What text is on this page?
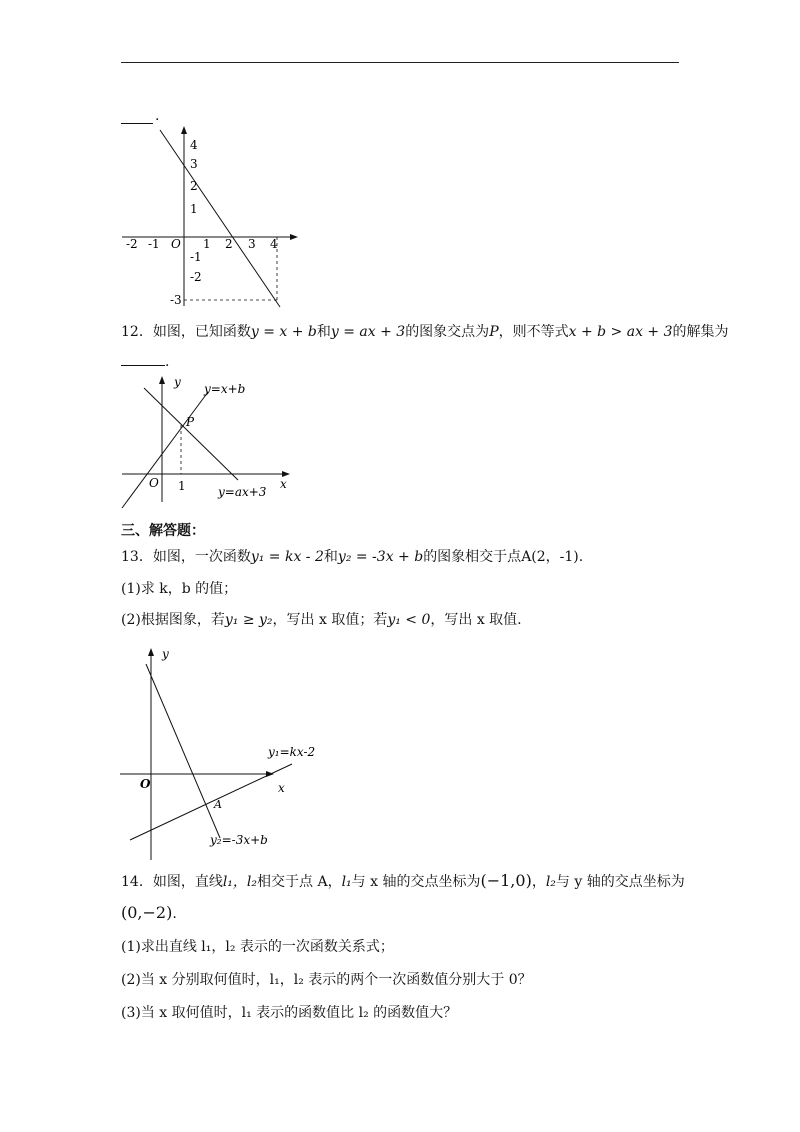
.
-2 -1 O 1 2 3 4
4
3
2
1
-1
-2
-3
12．如图，已知函数y = x + b和y = ax + 3的图象交点为P，则不等式x + b > ax + 3的解集为
.
y
x
O 1
P
y=x+b
y=ax+3
三、解答题：
13．如图，一次函数y₁ = kx - 2和y₂ = -3x + b的图象相交于点A(2，-1).
(1)求 k，b 的值；
(2)根据图象，若y₁ ≥ y₂，写出 x 取值；若y₁ < 0，写出 x 取值.
y
x
O
A
y₁=kx-2
y₂=-3x+b
14．如图，直线l₁，l₂相交于点 A，l₁与 x 轴的交点坐标为(−1,0)，l₂与 y 轴的交点坐标为
(0,−2).
(1)求出直线 l₁，l₂ 表示的一次函数关系式；
(2)当 x 分别取何值时，l₁，l₂ 表示的两个一次函数值分别大于 0？
(3)当 x 取何值时，l₁ 表示的函数值比 l₂ 的函数值大？
